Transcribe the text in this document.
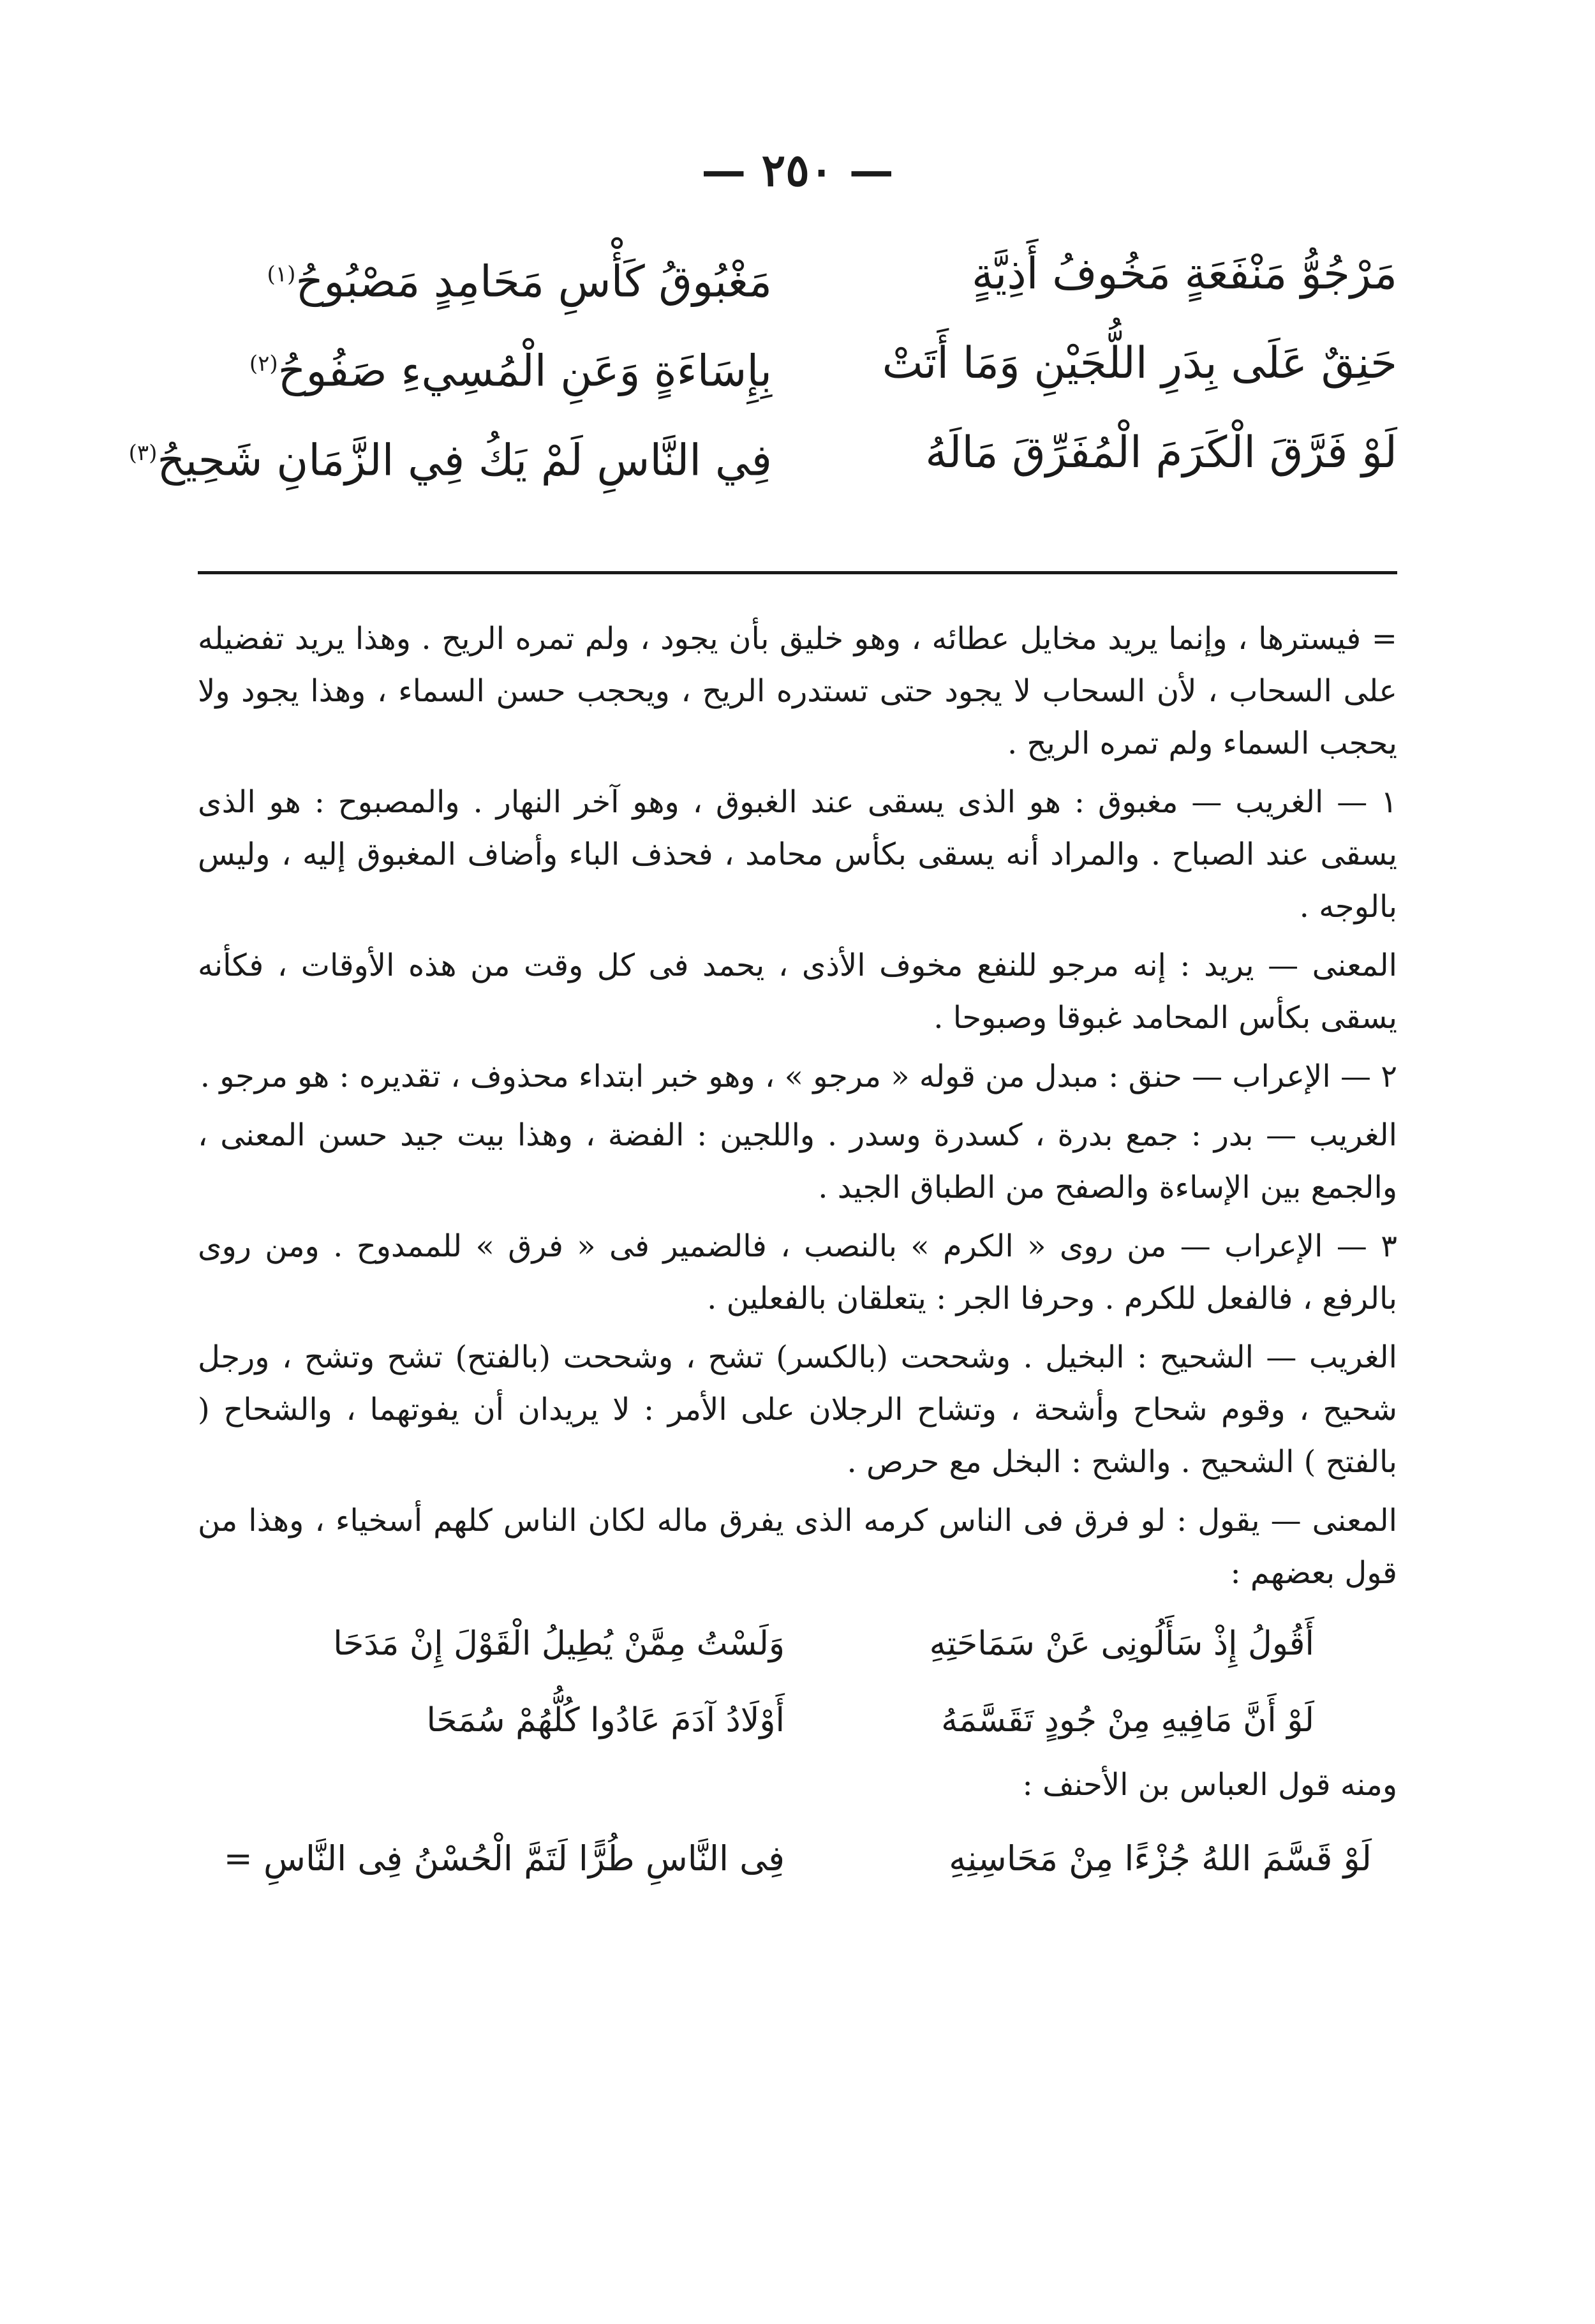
— ٢٥٠ —
مَرْجُوُّ مَنْفَعَةٍ مَخُوفُ أَذِيَّةٍ
مَغْبُوقُ كَأْسِ مَحَامِدٍ مَصْبُوحُ$^{(١)}$
حَنِقٌ عَلَى بِدَرِ اللُّجَيْنِ وَمَا أَتَتْ
بِإِسَاءَةٍ وَعَنِ الْمُسِيءِ صَفُوحُ$^{(٢)}$
لَوْ فَرَّقَ الْكَرَمَ الْمُفَرِّقَ مَالَهُ
فِي النَّاسِ لَمْ يَكُ فِي الزَّمَانِ شَحِيحُ$^{(٣)}$

= فيسترها ، وإنما يريد مخايل عطائه ، وهو خليق بأن يجود ، ولم تمره الريح . وهذا يريد تفضيله على السحاب ، لأن السحاب لا يجود حتى تستدره الريح ، ويحجب حسن السماء ، وهذا يجود ولا يحجب السماء ولم تمره الريح .

١ — الغريب — مغبوق : هو الذى يسقى عند الغبوق ، وهو آخر النهار . والمصبوح : هو الذى يسقى عند الصباح . والمراد أنه يسقى بكأس محامد ، فحذف الباء وأضاف المغبوق إليه ، وليس بالوجه .

المعنى — يريد : إنه مرجو للنفع مخوف الأذى ، يحمد فى كل وقت من هذه الأوقات ، فكأنه يسقى بكأس المحامد غبوقا وصبوحا .

٢ — الإعراب — حنق : مبدل من قوله « مرجو » ، وهو خبر ابتداء محذوف ، تقديره : هو مرجو .

الغريب — بدر : جمع بدرة ، كسدرة وسدر . واللجين : الفضة ، وهذا بيت جيد حسن المعنى ، والجمع بين الإساءة والصفح من الطباق الجيد .

٣ — الإعراب — من روى « الكرم » بالنصب ، فالضمير فى « فرق » للممدوح . ومن روى بالرفع ، فالفعل للكرم . وحرفا الجر : يتعلقان بالفعلين .

الغريب — الشحيح : البخيل . وشححت (بالكسر) تشح ، وشححت (بالفتح) تشح وتشح ، ورجل شحيح ، وقوم شحاح وأشحة ، وتشاح الرجلان على الأمر : لا يريدان أن يفوتهما ، والشحاح ( بالفتح ) الشحيح . والشح : البخل مع حرص .

المعنى — يقول : لو فرق فى الناس كرمه الذى يفرق ماله لكان الناس كلهم أسخياء ، وهذا من قول بعضهم :

أَقُولُ إِذْ سَأَلُونِى عَنْ سَمَاحَتِهِ
وَلَسْتُ مِمَّنْ يُطِيلُ الْقَوْلَ إِنْ مَدَحَا
لَوْ أَنَّ مَافِيهِ مِنْ جُودٍ تَقَسَّمَهُ
أَوْلَادُ آدَمَ عَادُوا كُلُّهُمْ سُمَحَا

ومنه قول العباس بن الأحنف :

لَوْ قَسَّمَ اللهُ جُزْءًا مِنْ مَحَاسِنِهِ
فِى النَّاسِ طُرًّا لَتَمَّ الْحُسْنُ فِى النَّاسِ =
